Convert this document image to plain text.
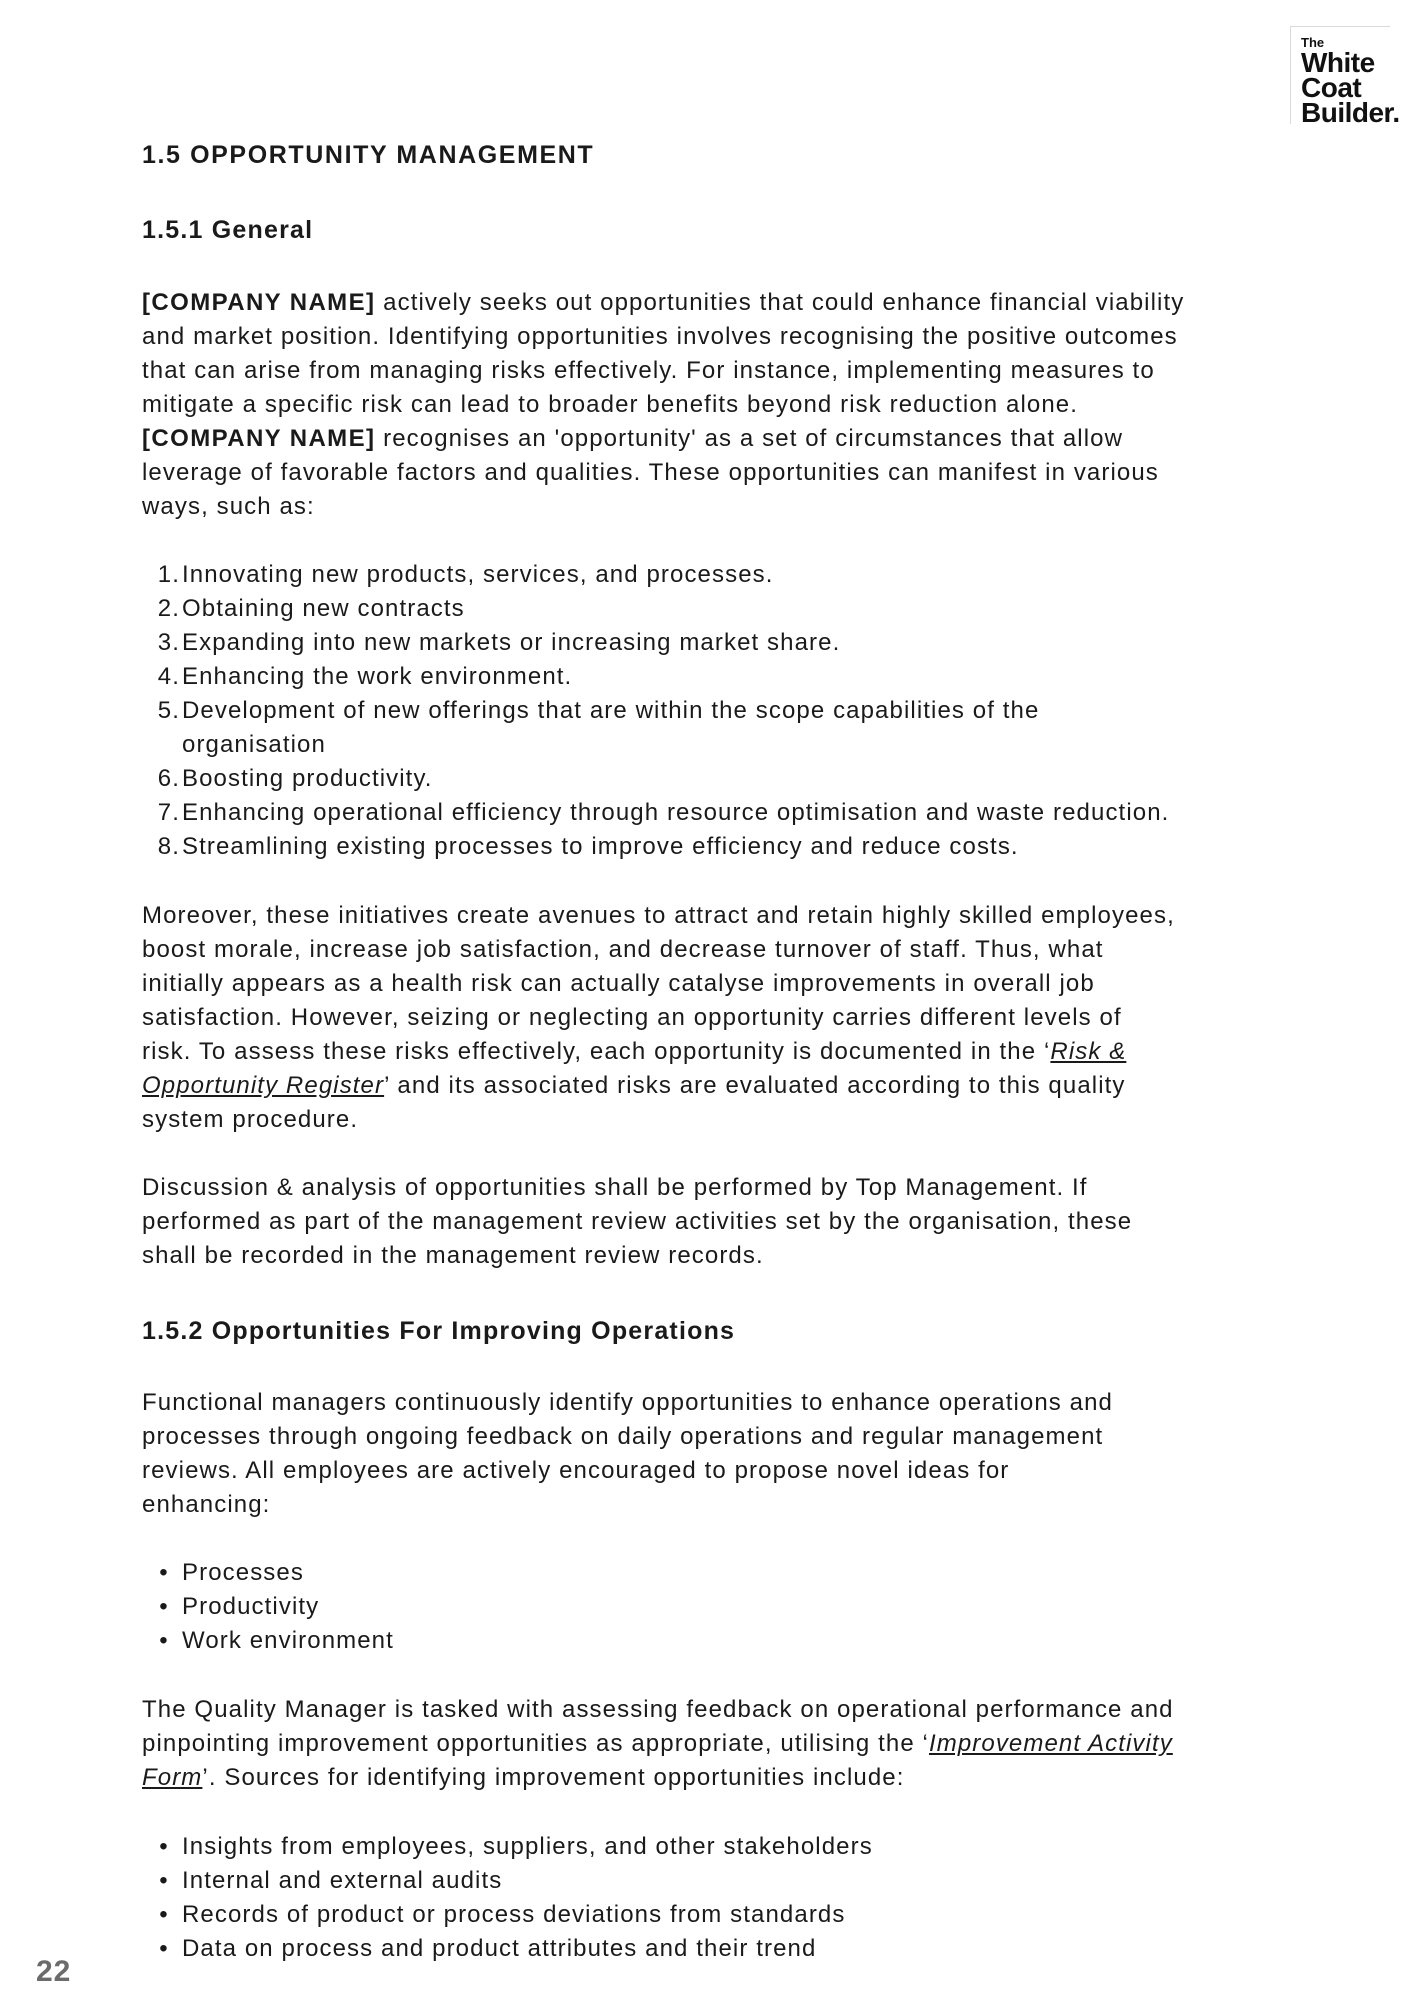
The
White
Coat
Builder.
1.5 OPPORTUNITY MANAGEMENT
1.5.1 General

[COMPANY NAME] actively seeks out opportunities that could enhance financial viability
and market position. Identifying opportunities involves recognising the positive outcomes
that can arise from managing risks effectively. For instance, implementing measures to
mitigate a specific risk can lead to broader benefits beyond risk reduction alone.
[COMPANY NAME] recognises an 'opportunity' as a set of circumstances that allow
leverage of favorable factors and qualities. These opportunities can manifest in various
ways, such as:

1. Innovating new products, services, and processes.
2. Obtaining new contracts
3. Expanding into new markets or increasing market share.
4. Enhancing the work environment.
5. Development of new offerings that are within the scope capabilities of the
organisation
6. Boosting productivity.
7. Enhancing operational efficiency through resource optimisation and waste reduction.
8. Streamlining existing processes to improve efficiency and reduce costs.

Moreover, these initiatives create avenues to attract and retain highly skilled employees,
boost morale, increase job satisfaction, and decrease turnover of staff. Thus, what
initially appears as a health risk can actually catalyse improvements in overall job
satisfaction. However, seizing or neglecting an opportunity carries different levels of
risk. To assess these risks effectively, each opportunity is documented in the ‘Risk &
Opportunity Register’ and its associated risks are evaluated according to this quality
system procedure.

Discussion & analysis of opportunities shall be performed by Top Management. If
performed as part of the management review activities set by the organisation, these
shall be recorded in the management review records.

1.5.2 Opportunities For Improving Operations

Functional managers continuously identify opportunities to enhance operations and
processes through ongoing feedback on daily operations and regular management
reviews. All employees are actively encouraged to propose novel ideas for
enhancing:

• Processes
• Productivity
• Work environment

The Quality Manager is tasked with assessing feedback on operational performance and
pinpointing improvement opportunities as appropriate, utilising the ‘Improvement Activity
Form’. Sources for identifying improvement opportunities include:

• Insights from employees, suppliers, and other stakeholders
• Internal and external audits
• Records of product or process deviations from standards
• Data on process and product attributes and their trend
22
